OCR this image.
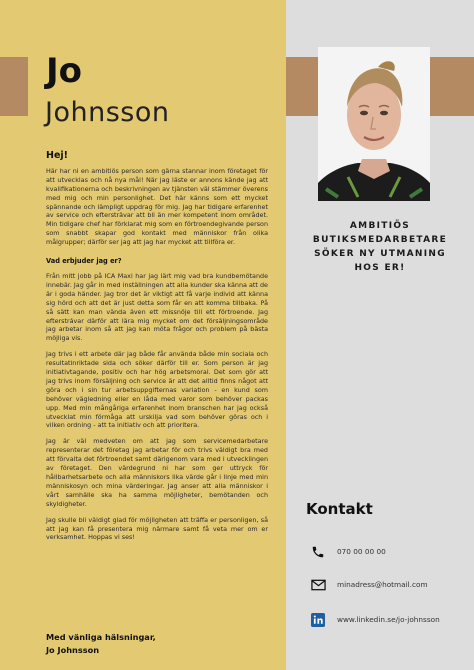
Jo
Johnsson

Hej!

Här har ni en ambitiös person som gärna stannar inom företaget för att utvecklas och nå nya mål! När jag läste er annons kände jag att kvalifikationerna och beskrivningen av tjänsten väl stämmer överens med mig och min personlighet. Det här känns som ett mycket spännande och lämpligt uppdrag för mig. Jag har tidigare erfarenhet av service och eftersträvar att bli än mer kompetent inom området. Min tidigare chef har förklarat mig som en förtroendegivande person som snabbt skapar god kontakt med människor från olika målgrupper; därför ser jag att jag har mycket att tillföra er.

Vad erbjuder jag er?

Från mitt jobb på ICA Maxi har jag lärt mig vad bra kundbemötande innebär. Jag går in med inställningen att alla kunder ska känna att de är i goda händer. Jag tror det är viktigt att få varje individ att känna sig hörd och att det är just detta som får en att komma tillbaka. På så sätt kan man vända även ett missnöje till ett förtroende. Jag efterstrávar därför att lära mig mycket om det försäljningsområde jag arbetar inom så att jag kan möta frågor och problem på bästa möjliga vis.

Jag trivs i ett arbete där jag både får använda både min sociala och resultatinriktade sida och söker därför till er. Som person är jag initiativtagande, positiv och har hög arbetsmoral. Det som gör att jag trivs inom försäljning och service är att det alltid finns något att göra och i sin tur arbetsuppgifternas variation - en kund som behöver vägledning eller en låda med varor som behöver packas upp. Med min mångåriga erfarenhet inom branschen har jag också utvecklat min förmåga att urskilja vad som behöver göras och i vilken ordning - att ta initiativ och att prioritera.

Jag är väl medveten om att jag som servicemedarbetare representerar det företag jag arbetar för och trivs väldigt bra med att förvalta det förtroendet samt därigenom vara med i utvecklingen av företaget. Den värdegrund ni har som ger uttryck för hållbarhetsarbete och alla människors lika värde går i linje med min människosyn och mina värderingar. Jag anser att alla människor i vårt samhälle ska ha samma möjligheter, bemötanden och skyldigheter.

Jag skulle bli väldigt glad för möjligheten att träffa er personligen, så att jag kan få presentera mig närmare samt få veta mer om er verksamhet. Hoppas vi ses!

Med vänliga hälsningar,
Jo Johnsson
AMBITIÖS
BUTIKSMEDARBETARE
SÖKER NY UTMANING
HOS ER!
Kontakt
070 00 00 00
minadress@hotmail.com
www.linkedin.se/jo-johnsson
